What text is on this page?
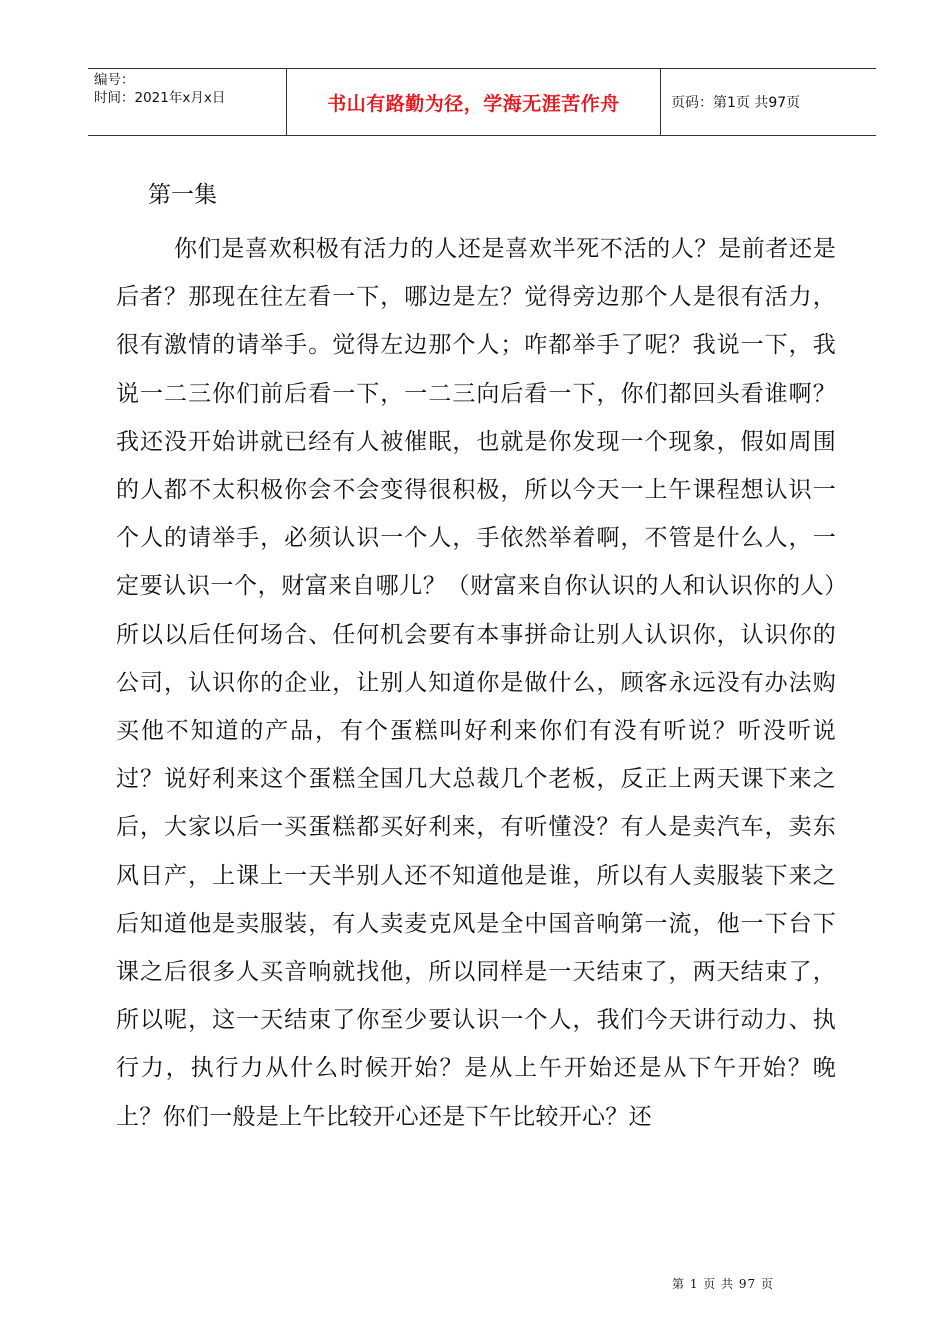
编号：
时间：2021年x月x日	书山有路勤为径，学海无涯苦作舟	页码：第1页 共97页
第一集
你们是喜欢积极有活力的人还是喜欢半死不活的人？是前者还是后者？那现在往左看一下，哪边是左？觉得旁边那个人是很有活力，很有激情的请举手。觉得左边那个人；咋都举手了呢？我说一下，我说一二三你们前后看一下，一二三向后看一下，你们都回头看谁啊？我还没开始讲就已经有人被催眠，也就是你发现一个现象，假如周围的人都不太积极你会不会变得很积极，所以今天一上午课程想认识一个人的请举手，必须认识一个人，手依然举着啊，不管是什么人，一定要认识一个，财富来自哪儿？（财富来自你认识的人和认识你的人）所以以后任何场合、任何机会要有本事拼命让别人认识你，认识你的公司，认识你的企业，让别人知道你是做什么，顾客永远没有办法购买他不知道的产品，有个蛋糕叫好利来你们有没有听说？听没听说过？说好利来这个蛋糕全国几大总裁几个老板，反正上两天课下来之后，大家以后一买蛋糕都买好利来，有听懂没？有人是卖汽车，卖东风日产，上课上一天半别人还不知道他是谁，所以有人卖服装下来之后知道他是卖服装，有人卖麦克风是全中国音响第一流，他一下台下课之后很多人买音响就找他，所以同样是一天结束了，两天结束了，所以呢，这一天结束了你至少要认识一个人，我们今天讲行动力、执行力，执行力从什么时候开始？是从上午开始还是从下午开始？晚上？你们一般是上午比较开心还是下午比较开心？还
第 1 页 共 97 页
